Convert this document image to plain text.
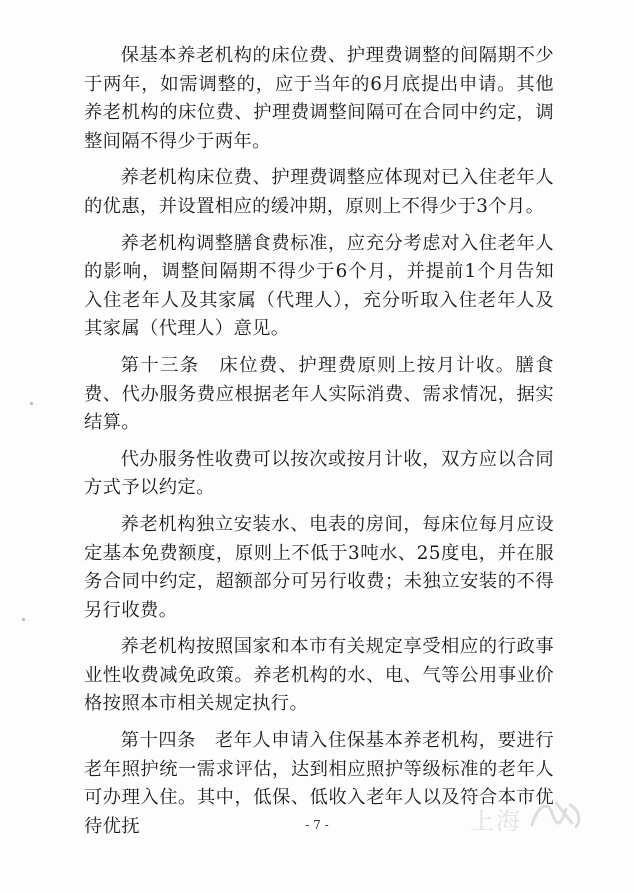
保基本养老机构的床位费、护理费调整的间隔期不少于两年，如需调整的，应于当年的6月底提出申请。其他养老机构的床位费、护理费调整间隔可在合同中约定，调整间隔不得少于两年。

养老机构床位费、护理费调整应体现对已入住老年人的优惠，并设置相应的缓冲期，原则上不得少于3个月。

养老机构调整膳食费标准，应充分考虑对入住老年人的影响，调整间隔期不得少于6个月，并提前1个月告知入住老年人及其家属（代理人），充分听取入住老年人及其家属（代理人）意见。

第十三条　床位费、护理费原则上按月计收。膳食费、代办服务费应根据老年人实际消费、需求情况，据实结算。

代办服务性收费可以按次或按月计收，双方应以合同方式予以约定。

养老机构独立安装水、电表的房间，每床位每月应设定基本免费额度，原则上不低于3吨水、25度电，并在服务合同中约定，超额部分可另行收费；未独立安装的不得另行收费。

养老机构按照国家和本市有关规定享受相应的行政事业性收费减免政策。养老机构的水、电、气等公用事业价格按照本市相关规定执行。

第十四条　老年人申请入住保基本养老机构，要进行老年照护统一需求评估，达到相应照护等级标准的老年人可办理入住。其中，低保、低收入老年人以及符合本市优待优抚	- 7 -	上海
